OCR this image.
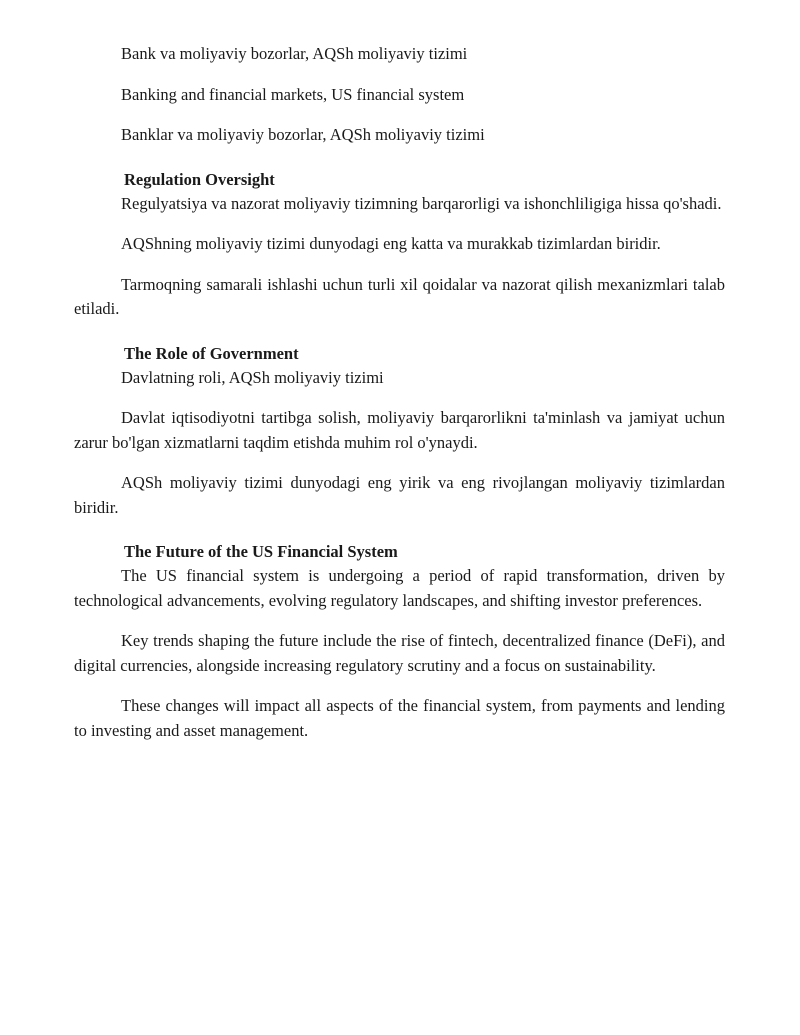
Bank va moliyaviy bozorlar, AQSh moliyaviy tizimi

Banking and financial markets, US financial system

Banklar va moliyaviy bozorlar, AQSh moliyaviy tizimi

Regulation Oversight

Regulyatsiya va nazorat moliyaviy tizimning barqarorligi va ishonchliligiga hissa qo'shadi.

AQShning moliyaviy tizimi dunyodagi eng katta va murakkab tizimlardan biridir.

Tarmoqning samarali ishlashi uchun turli xil qoidalar va nazorat qilish mexanizmlari talab etiladi.

The Role of Government

Davlatning roli, AQSh moliyaviy tizimi

Davlat iqtisodiyotni tartibga solish, moliyaviy barqarorlikni ta'minlash va jamiyat uchun zarur bo'lgan xizmatlarni taqdim etishda muhim rol o'ynaydi.

AQSh moliyaviy tizimi dunyodagi eng yirik va eng rivojlangan moliyaviy tizimlardan biridir.

The Future of the US Financial System

The US financial system is undergoing a period of rapid transformation, driven by technological advancements, evolving regulatory landscapes, and shifting investor preferences.

Key trends shaping the future include the rise of fintech, decentralized finance (DeFi), and digital currencies, alongside increasing regulatory scrutiny and a focus on sustainability.

These changes will impact all aspects of the financial system, from payments and lending to investing and asset management.
